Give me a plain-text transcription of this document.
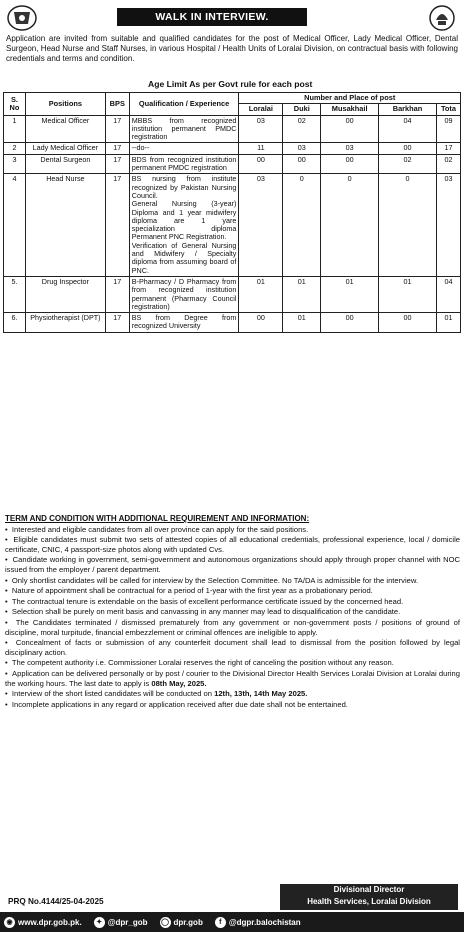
WALK IN INTERVIEW.
Application are invited from suitable and qualified candidates for the post of Medical Officer, Lady Medical Officer, Dental Surgeon, Head Nurse and Staff Nurses, in various Hospital / Health Units of Loralai Division, on contractual basis with following credentials and terms and condition.
Age Limit As per Govt rule for each post
S. No	Positions	BPS	Qualification / Experience	Number and Place of post				
				Loralai	Duki	Musakhail	Barkhan	Tota
1	Medical Officer	17	MBBS from recognized institution permanent PMDC registration	03	02	00	04	09
2	Lady Medical Officer	17	--do--	11	03	03	00	17
3	Dental Surgeon	17	BDS from recognized institution permanent PMDC registration	00	00	00	02	02
4	Head Nurse	17	BS nursing from institute recognized by Pakistan Nursing Council.
General Nursing (3-year) Diploma and 1 year midwifery diploma are 1 yare specialization diploma Permanent PNC Registration.
Verification of General Nursing and Midwifery / Specialty diploma from assuming board of PNC.	03	0	0	0	03
5.	Drug Inspector	17	B-Pharmacy / D Pharmacy from from recognized institution permanent (Pharmacy Council registration)	01	01	01	01	04
6.	Physiotherapist (DPT)	17	BS from Degree from recognized University	00	01	00	00	01
TERM AND CONDITION WITH ADDITIONAL REQUIREMENT AND INFORMATION:
•  Interested and eligible candidates from all over province can apply for the said positions.
•  Eligible candidates must submit two sets of attested copies of all educational credentials, professional experience, local / domicile certificate, CNIC, 4 passport-size photos along with updated Cvs.
•  Candidate working in government, semi-government and autonomous organizations should apply through proper channel with NOC issued from the employer / parent department.
•  Only shortlist candidates will be called for interview by the Selection Committee. No TA/DA is admissible for the interview.
•  Nature of appointment shall be contractual for a period of 1-year with the first year as a probationary period.
•  The contractual tenure is extendable on the basis of excellent performance certificate issued by the concerned head.
•  Selection shall be purely on merit basis and canvassing in any manner may lead to disqualification of the candidate.
•  The Candidates terminated / dismissed prematurely from any government or non-government posts / positions of ground of discipline, moral turpitude, financial embezzlement or criminal offences are ineligible to apply.
•  Concealment of facts or submission of any counterfeit document shall lead to dismissal from the position followed by legal disciplinary action.
•  The competent authority i.e. Commissioner Loralai reserves the right of canceling the position without any reason.
•  Application can be delivered personally or by post / courier to the Divisional Director Health Services Loralai Division at Loralai during the working hours. The last date to apply is 08th May, 2025.
•  Interview of the short listed candidates will be conducted on 12th, 13th, 14th May 2025.
•  Incomplete applications in any regard or application received after due date shall not be entertained.
PRQ No.4144/25-04-2025
Divisional Director
Health Services, Loralai Division
◉ www.dpr.gob.pk.	✦ @dpr_gob ◯ dpr.gob	f @dgpr.balochistan
